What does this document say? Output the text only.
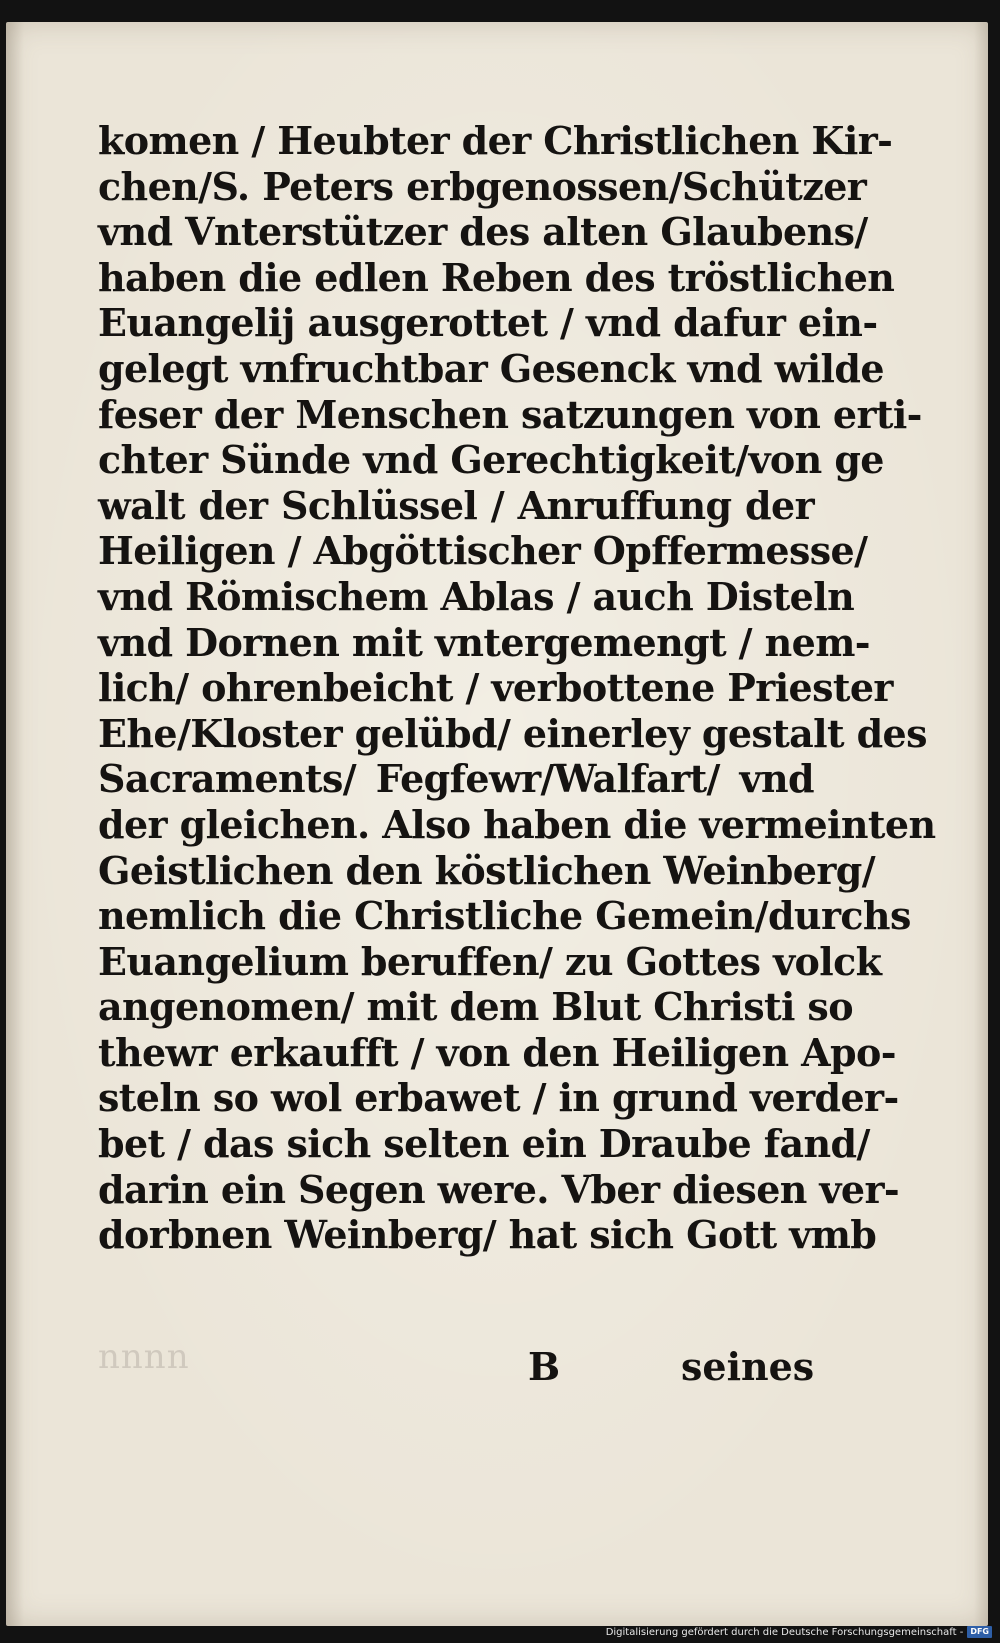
komen / Heubter der Christlichen Kir-
chen/S. Peters erbgenossen/Schützer
vnd Vnterstützer des alten Glaubens/
haben die edlen Reben des tröstlichen
Euangelij ausgerottet / vnd dafur ein-
gelegt vnfruchtbar Gesenck vnd wilde
feser der Menschen satzungen von erti-
chter Sünde vnd Gerechtigkeit/von ge
walt der Schlüssel / Anruffung der
Heiligen / Abgöttischer Opffermesse/
vnd Römischem Ablas / auch Disteln
vnd Dornen mit vntergemengt / nem-
lich/ ohrenbeicht / verbottene Priester
Ehe/Kloster gelübd/ einerley gestalt des
Sacraments/ Fegfewr/Walfart/ vnd
der gleichen. Also haben die vermeinten
Geistlichen den köstlichen Weinberg/
nemlich die Christliche Gemein/durchs
Euangelium beruffen/ zu Gottes volck
angenomen/ mit dem Blut Christi so
thewr erkaufft / von den Heiligen Apo-
steln so wol erbawet / in grund verder-
bet / das sich selten ein Draube fand/
darin ein Segen were. Vber diesen ver-
dorbnen Weinberg/ hat sich Gott vmb
nnnn	B	seines
Digitalisierung gefördert durch die Deutsche Forschungsgemeinschaft - DFG
